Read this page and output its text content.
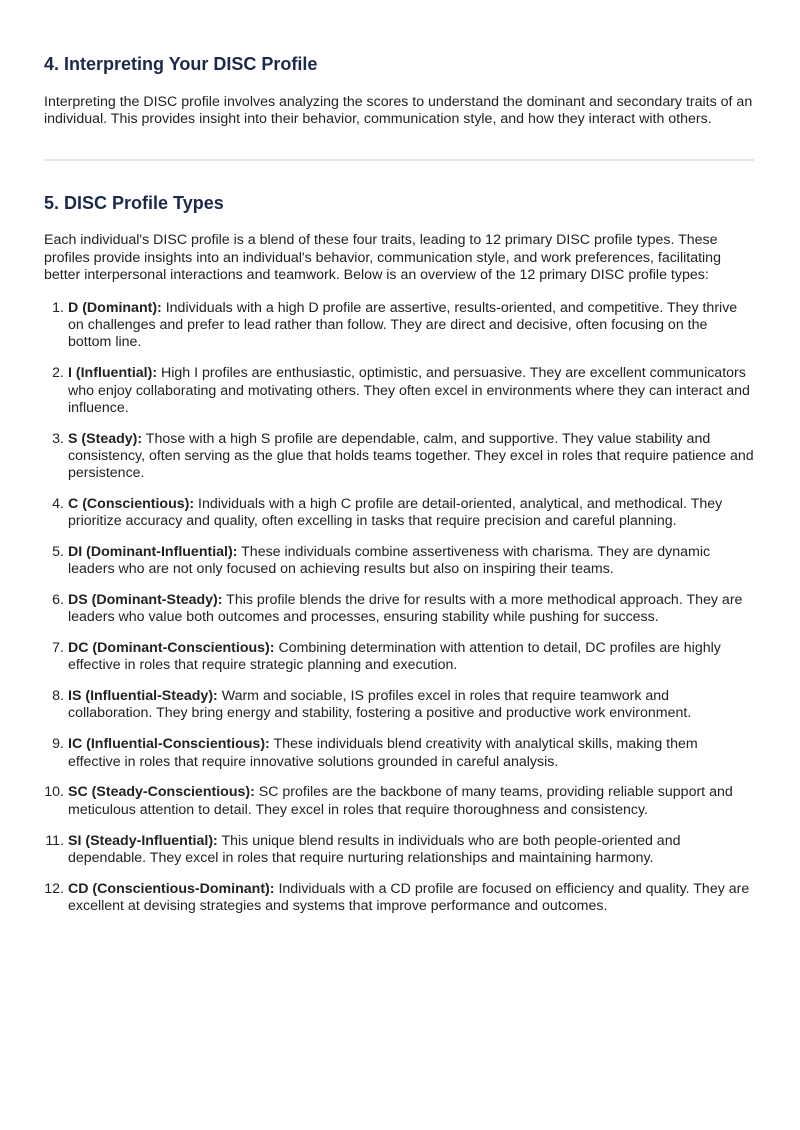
4. Interpreting Your DISC Profile

Interpreting the DISC profile involves analyzing the scores to understand the dominant and secondary traits of an individual. This provides insight into their behavior, communication style, and how they interact with others.

5. DISC Profile Types

Each individual's DISC profile is a blend of these four traits, leading to 12 primary DISC profile types. These profiles provide insights into an individual's behavior, communication style, and work preferences, facilitating better interpersonal interactions and teamwork. Below is an overview of the 12 primary DISC profile types:

1. D (Dominant): Individuals with a high D profile are assertive, results-oriented, and competitive. They thrive on challenges and prefer to lead rather than follow. They are direct and decisive, often focusing on the bottom line.
2. I (Influential): High I profiles are enthusiastic, optimistic, and persuasive. They are excellent communicators who enjoy collaborating and motivating others. They often excel in environments where they can interact and influence.
3. S (Steady): Those with a high S profile are dependable, calm, and supportive. They value stability and consistency, often serving as the glue that holds teams together. They excel in roles that require patience and persistence.
4. C (Conscientious): Individuals with a high C profile are detail-oriented, analytical, and methodical. They prioritize accuracy and quality, often excelling in tasks that require precision and careful planning.
5. DI (Dominant-Influential): These individuals combine assertiveness with charisma. They are dynamic leaders who are not only focused on achieving results but also on inspiring their teams.
6. DS (Dominant-Steady): This profile blends the drive for results with a more methodical approach. They are leaders who value both outcomes and processes, ensuring stability while pushing for success.
7. DC (Dominant-Conscientious): Combining determination with attention to detail, DC profiles are highly effective in roles that require strategic planning and execution.
8. IS (Influential-Steady): Warm and sociable, IS profiles excel in roles that require teamwork and collaboration. They bring energy and stability, fostering a positive and productive work environment.
9. IC (Influential-Conscientious): These individuals blend creativity with analytical skills, making them effective in roles that require innovative solutions grounded in careful analysis.
10. SC (Steady-Conscientious): SC profiles are the backbone of many teams, providing reliable support and meticulous attention to detail. They excel in roles that require thoroughness and consistency.
11. SI (Steady-Influential): This unique blend results in individuals who are both people-oriented and dependable. They excel in roles that require nurturing relationships and maintaining harmony.
12. CD (Conscientious-Dominant): Individuals with a CD profile are focused on efficiency and quality. They are excellent at devising strategies and systems that improve performance and outcomes.
